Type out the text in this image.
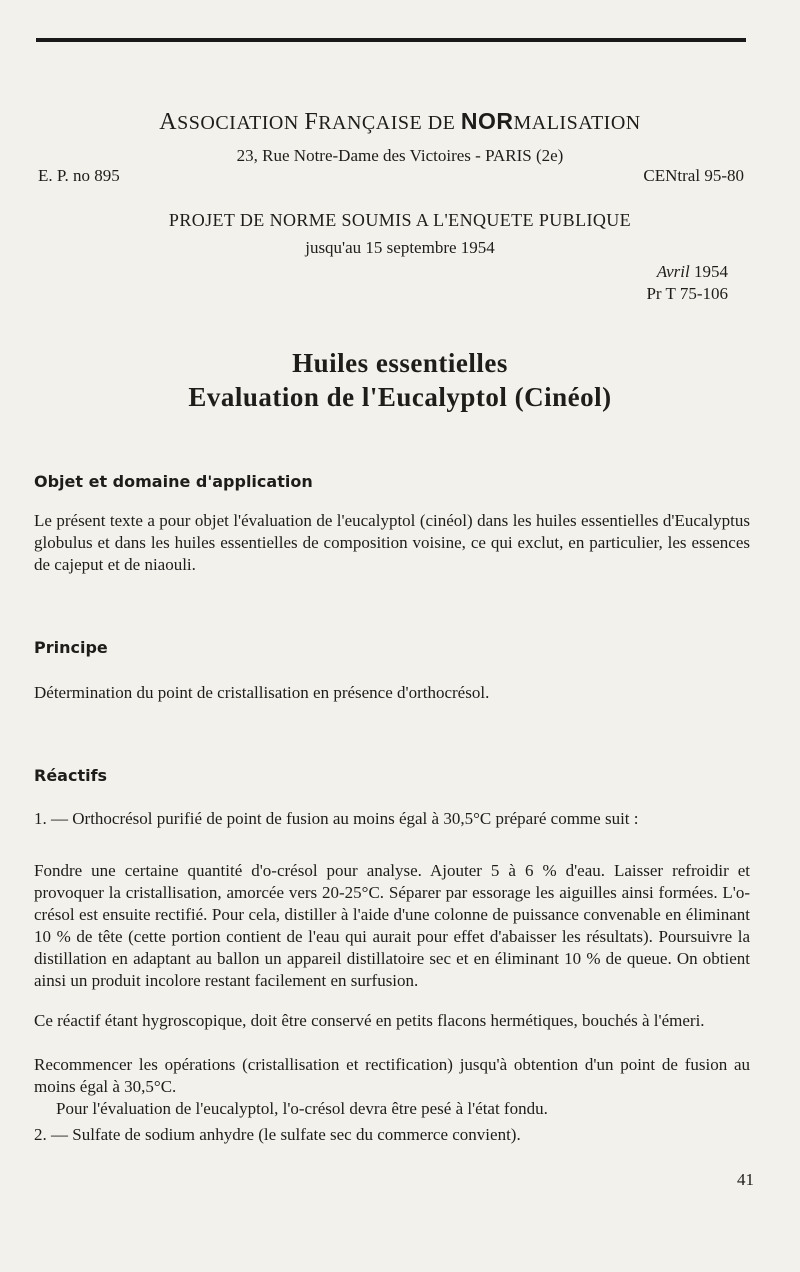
ASSOCIATION FRANÇAISE DE NORMALISATION
23, Rue Notre-Dame des Victoires - PARIS (2e)
E. P. no 895	CENtral 95-80
PROJET DE NORME SOUMIS A L'ENQUETE PUBLIQUE
jusqu'au 15 septembre 1954
Avril 1954
Pr T 75-106
Huiles essentielles
Evaluation de l'Eucalyptol (Cinéol)
Objet et domaine d'application

Le présent texte a pour objet l'évaluation de l'eucalyptol (cinéol) dans les huiles essentielles d'Eucalyptus globulus et dans les huiles essentielles de composition voisine, ce qui exclut, en particulier, les essences de cajeput et de niaouli.

Principe

Détermination du point de cristallisation en présence d'orthocrésol.

Réactifs

1. — Orthocrésol purifié de point de fusion au moins égal à 30,5°C préparé comme suit :

Fondre une certaine quantité d'o-crésol pour analyse. Ajouter 5 à 6 % d'eau. Laisser refroidir et provoquer la cristallisation, amorcée vers 20-25°C. Séparer par essorage les aiguilles ainsi formées. L'o-crésol est ensuite rectifié. Pour cela, distiller à l'aide d'une colonne de puissance convenable en éliminant 10 % de tête (cette portion contient de l'eau qui aurait pour effet d'abaisser les résultats). Poursuivre la distillation en adaptant au ballon un appareil distillatoire sec et en éliminant 10 % de queue. On obtient ainsi un produit incolore restant facilement en surfusion.

Ce réactif étant hygroscopique, doit être conservé en petits flacons hermétiques, bouchés à l'émeri.

Recommencer les opérations (cristallisation et rectification) jusqu'à obtention d'un point de fusion au moins égal à 30,5°C.

Pour l'évaluation de l'eucalyptol, l'o-crésol devra être pesé à l'état fondu.

2. — Sulfate de sodium anhydre (le sulfate sec du commerce convient).

41
